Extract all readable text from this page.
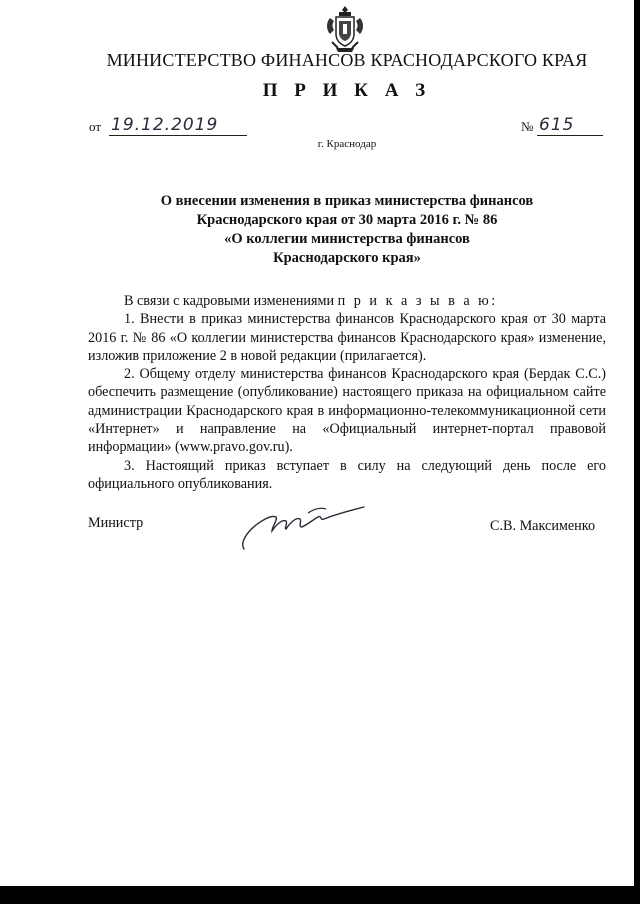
МИНИСТЕРСТВО ФИНАНСОВ КРАСНОДАРСКОГО КРАЯ
П Р И К А З
от 19.12.2019	№ 615
г. Краснодар
О внесении изменения в приказ министерства финансов
Краснодарского края от 30 марта 2016 г. № 86
«О коллегии министерства финансов
Краснодарского края»

В связи с кадровыми изменениями п р и к а з ы в а ю:

1. Внести в приказ министерства финансов Краснодарского края от 30 марта 2016 г. № 86 «О коллегии министерства финансов Краснодарского края» изменение, изложив приложение 2 в новой редакции (прилагается).

2. Общему отделу министерства финансов Краснодарского края (Бердак С.С.) обеспечить размещение (опубликование) настоящего приказа на официальном сайте администрации Краснодарского края в информационно-телекоммуникационной сети «Интернет» и направление на «Официальный интернет-портал правовой информации» (www.pravo.gov.ru).

3. Настоящий приказ вступает в силу на следующий день после его официального опубликования.

Министр	С.В. Максименко
